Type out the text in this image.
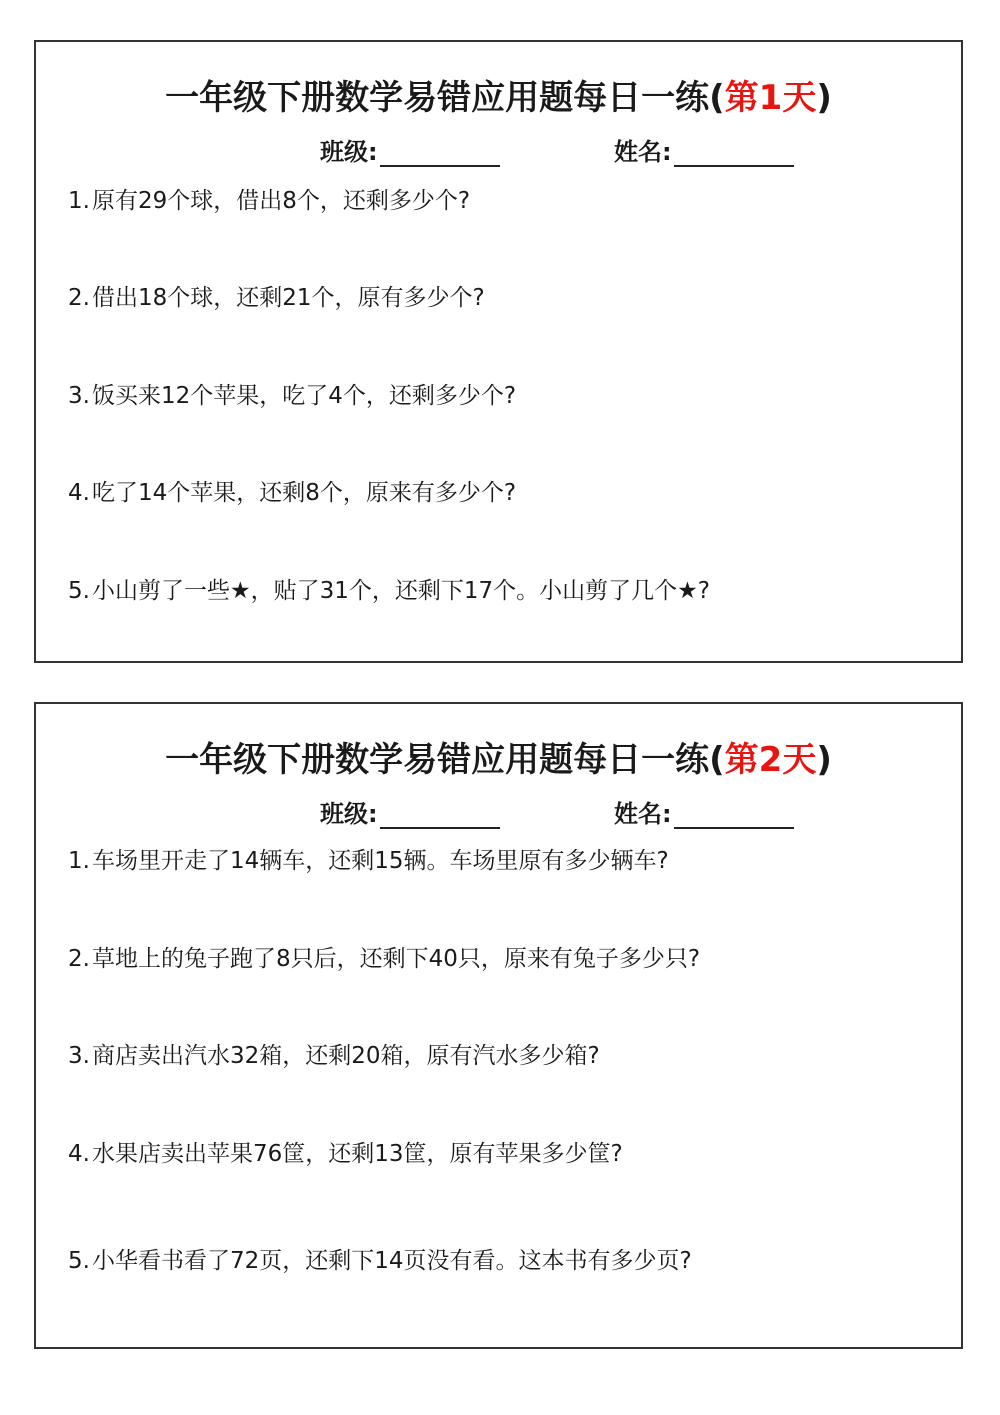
一年级下册数学易错应用题每日一练(第1天)
班级:	姓名:
1.原有29个球，借出8个，还剩多少个?
2.借出18个球，还剩21个，原有多少个?
3.饭买来12个苹果，吃了4个，还剩多少个?
4.吃了14个苹果，还剩8个，原来有多少个?
5.小山剪了一些★，贴了31个，还剩下17个。小山剪了几个★?
一年级下册数学易错应用题每日一练(第2天)
班级:	姓名:
1.车场里开走了14辆车，还剩15辆。车场里原有多少辆车?
2.草地上的兔子跑了8只后，还剩下40只，原来有兔子多少只?
3.商店卖出汽水32箱，还剩20箱，原有汽水多少箱?
4.水果店卖出苹果76筐，还剩13筐，原有苹果多少筐?
5.小华看书看了72页，还剩下14页没有看。这本书有多少页?
